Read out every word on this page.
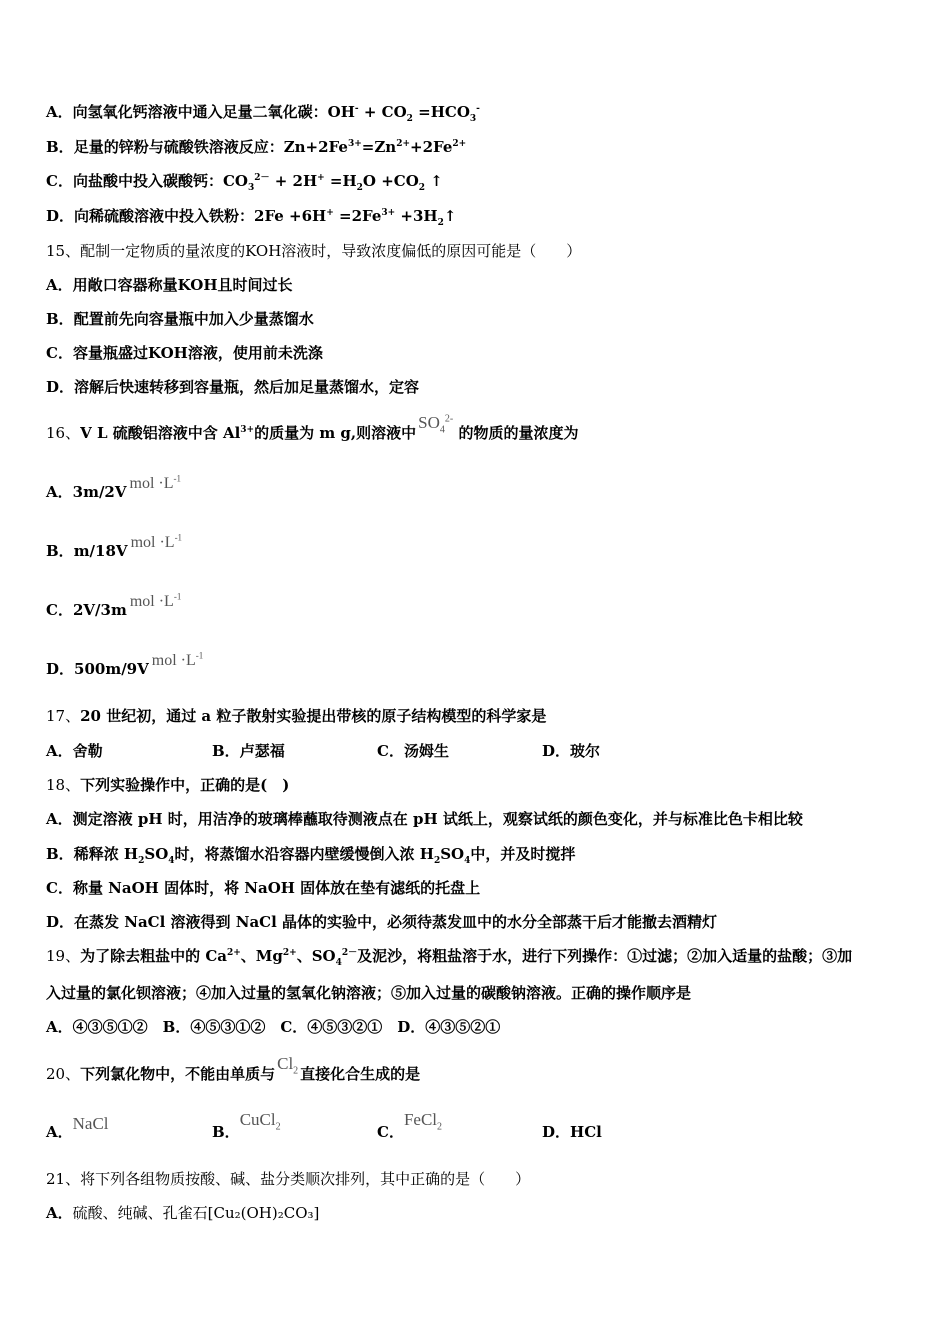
A．向氢氧化钙溶液中通入足量二氧化碳：$OH^- + CO_2 =HCO_3^-$
B．足量的锌粉与硫酸铁溶液反应：$Zn+2Fe^{3+}=Zn^{2+}+2Fe^{2+}$
C．向盐酸中投入碳酸钙：$CO_3^{2-} + 2H^+ =H_2O +CO_2$ ↑
D．向稀硫酸溶液中投入铁粉：$2Fe +6H^+ =2Fe^{3+}$ $+3H_2↑$
15、配制一定物质的量浓度的KOH溶液时，导致浓度偏低的原因可能是（　　）
A．用敞口容器称量KOH且时间过长
B．配置前先向容量瓶中加入少量蒸馏水
C．容量瓶盛过KOH溶液，使用前未洗涤
D．溶解后快速转移到容量瓶，然后加足量蒸馏水，定容
16、V L 硫酸铝溶液中含 $Al^{3+}$的质量为 m g,则溶液中$SO_4^{2-}$ 的物质的量浓度为
A．3m/2V mol $\cdot L^{-1}$
B．m/18V mol $\cdot L^{-1}$
C．2V/3m mol $\cdot L^{-1}$
D．500m/9V mol $\cdot L^{-1}$
17、20 世纪初，通过 a 粒子散射实验提出带核的原子结构模型的科学家是
A．舍勒	B．卢瑟福	C．汤姆生	D．玻尔
18、下列实验操作中，正确的是(　)
A．测定溶液 pH 时，用洁净的玻璃棒蘸取待测液点在 pH 试纸上，观察试纸的颜色变化，并与标准比色卡相比较
B．稀释浓 $H_2SO_4$时，将蒸馏水沿容器内壁缓慢倒入浓 $H_2SO_4$中，并及时搅拌
C．称量 NaOH 固体时，将 NaOH 固体放在垫有滤纸的托盘上
D．在蒸发 NaCl 溶液得到 NaCl 晶体的实验中，必须待蒸发皿中的水分全部蒸干后才能撤去酒精灯
19、为了除去粗盐中的 $Ca^{2+}$、$Mg^{2+}$、$SO_4^{2-}$及泥沙，将粗盐溶于水，进行下列操作：①过滤；②加入适量的盐酸；③加
入过量的氯化钡溶液；④加入过量的氢氧化钠溶液；⑤加入过量的碳酸钠溶液。正确的操作顺序是
A．④③⑤①②　B．④⑤③①②　C．④⑤③②①　D．④③⑤②①
20、下列氯化物中，不能由单质与$Cl_2$ 直接化合生成的是
A．NaCl	B．CuCl$_2$	C．FeCl$_2$	D．HCl
21、将下列各组物质按酸、碱、盐分类顺次排列，其中正确的是（　　）
A．硫酸、纯碱、孔雀石[Cu₂(OH)₂CO₃]
